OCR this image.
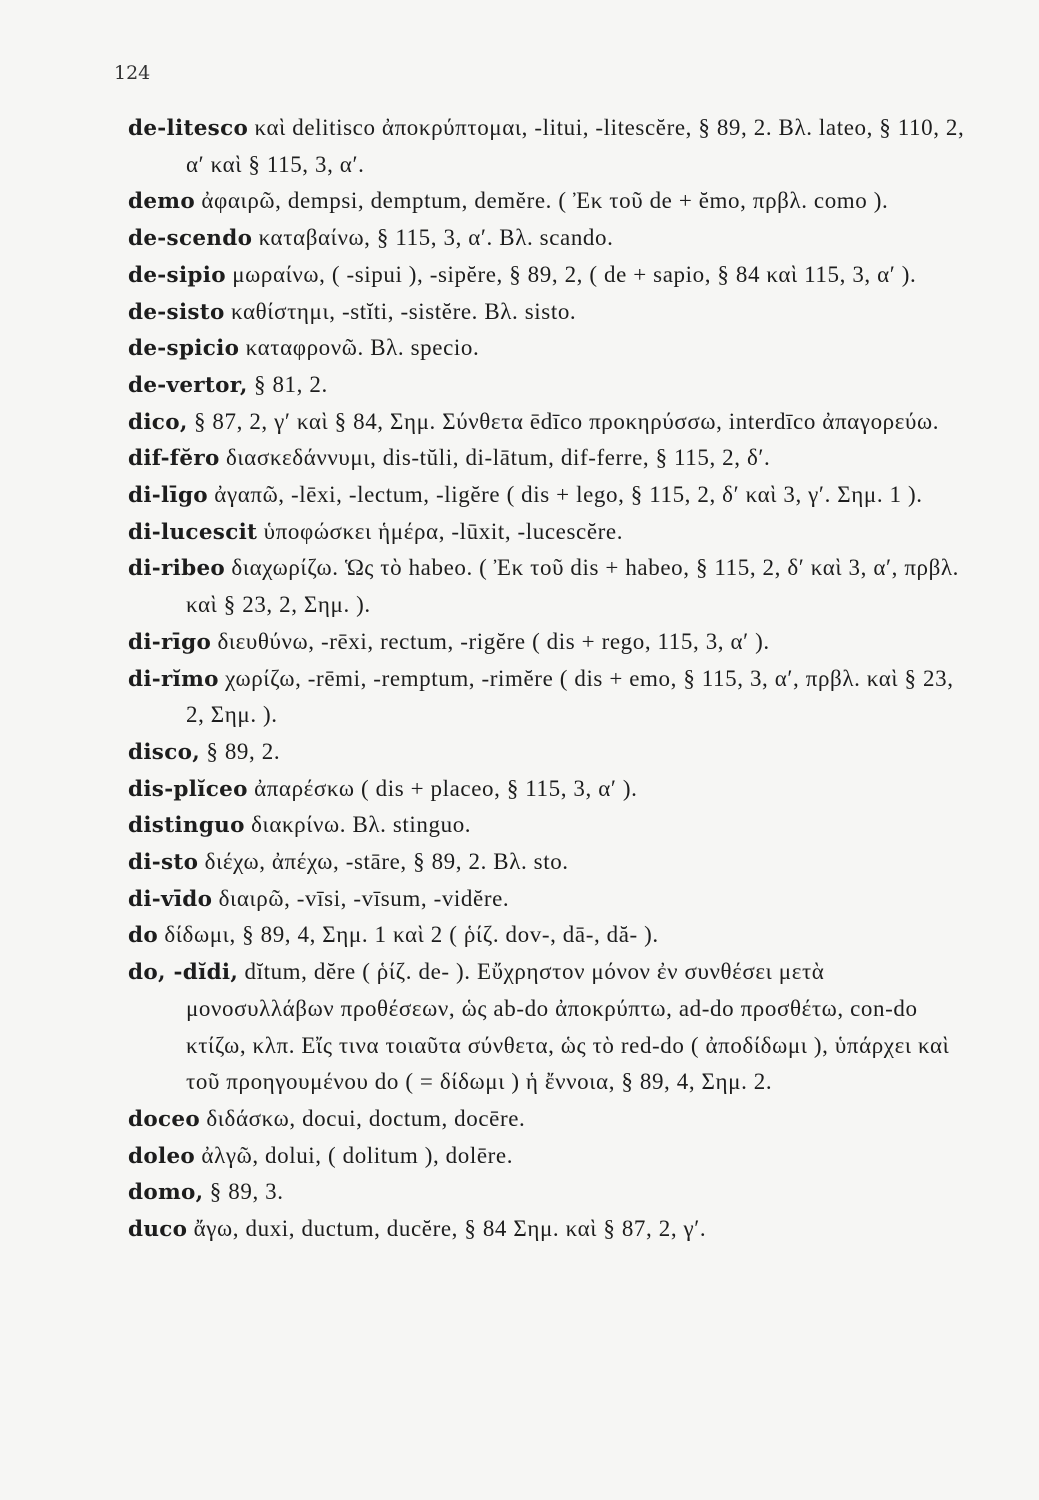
124
de-litesco καὶ delitisco ἀποκρύπτομαι, -litui, -litescĕre, § 89, 2. Βλ. lateo, § 110, 2, α′ καὶ § 115, 3, α′.
demo ἀφαιρῶ, dempsi, demptum, demĕre. ( Ἐκ τοῦ de + ĕmo, πρβλ. como ).
de-scendo καταβαίνω, § 115, 3, α′. Βλ. scando.
de-sipio μωραίνω, ( -sipui ), -sipĕre, § 89, 2, ( de + sapio, § 84 καὶ 115, 3, α′ ).
de-sisto καθίστημι, -stĭti, -sistĕre. Βλ. sisto.
de-spicio καταφρονῶ. Βλ. specio.
de-vertor, § 81, 2.
dico, § 87, 2, γ′ καὶ § 84, Σημ. Σύνθετα ēdīco προκηρύσσω, interdīco ἀπαγορεύω.
dif-fĕro διασκεδάννυμι, dis-tŭli, di-lātum, dif-ferre, § 115, 2, δ′.
di-līgo ἀγαπῶ, -lēxi, -lectum, -ligĕre ( dis + lego, § 115, 2, δ′ καὶ 3, γ′. Σημ. 1 ).
di-lucescit ὑποφώσκει ἡμέρα, -lūxit, -lucescĕre.
di-ribeo διαχωρίζω. Ὡς τὸ habeo. ( Ἐκ τοῦ dis + habeo, § 115, 2, δ′ καὶ 3, α′, πρβλ. καὶ § 23, 2, Σημ. ).
di-rīgo διευθύνω, -rēxi, rectum, -rigĕre ( dis + rego, 115, 3, α′ ).
di-rĭmo χωρίζω, -rēmi, -remptum, -rimĕre ( dis + emo, § 115, 3, α′, πρβλ. καὶ § 23, 2, Σημ. ).
disco, § 89, 2.
dis-plĭceo ἀπαρέσκω ( dis + placeo, § 115, 3, α′ ).
distinguo διακρίνω. Βλ. stinguo.
di-sto διέχω, ἀπέχω, -stāre, § 89, 2. Βλ. sto.
di-vīdo διαιρῶ, -vīsi, -vīsum, -vidĕre.
do δίδωμι, § 89, 4, Σημ. 1 καὶ 2 ( ῥίζ. dov-, dā-, dă- ).
do, -dĭdi, dĭtum, dĕre ( ῥίζ. de- ). Εὔχρηστον μόνον ἐν συνθέσει μετὰ μονοσυλλάβων προθέσεων, ὡς ab-do ἀποκρύπτω, ad-do προσθέτω, con-do κτίζω, κλπ. Εἴς τινα τοιαῦτα σύνθετα, ὡς τὸ red-do ( ἀποδίδωμι ), ὑπάρχει καὶ τοῦ προηγουμένου do ( = δίδωμι ) ἡ ἔννοια, § 89, 4, Σημ. 2.
doceo διδάσκω, docui, doctum, docēre.
doleo ἀλγῶ, dolui, ( dolitum ), dolēre.
domo, § 89, 3.
duco ἄγω, duxi, ductum, ducĕre, § 84 Σημ. καὶ § 87, 2, γ′.
